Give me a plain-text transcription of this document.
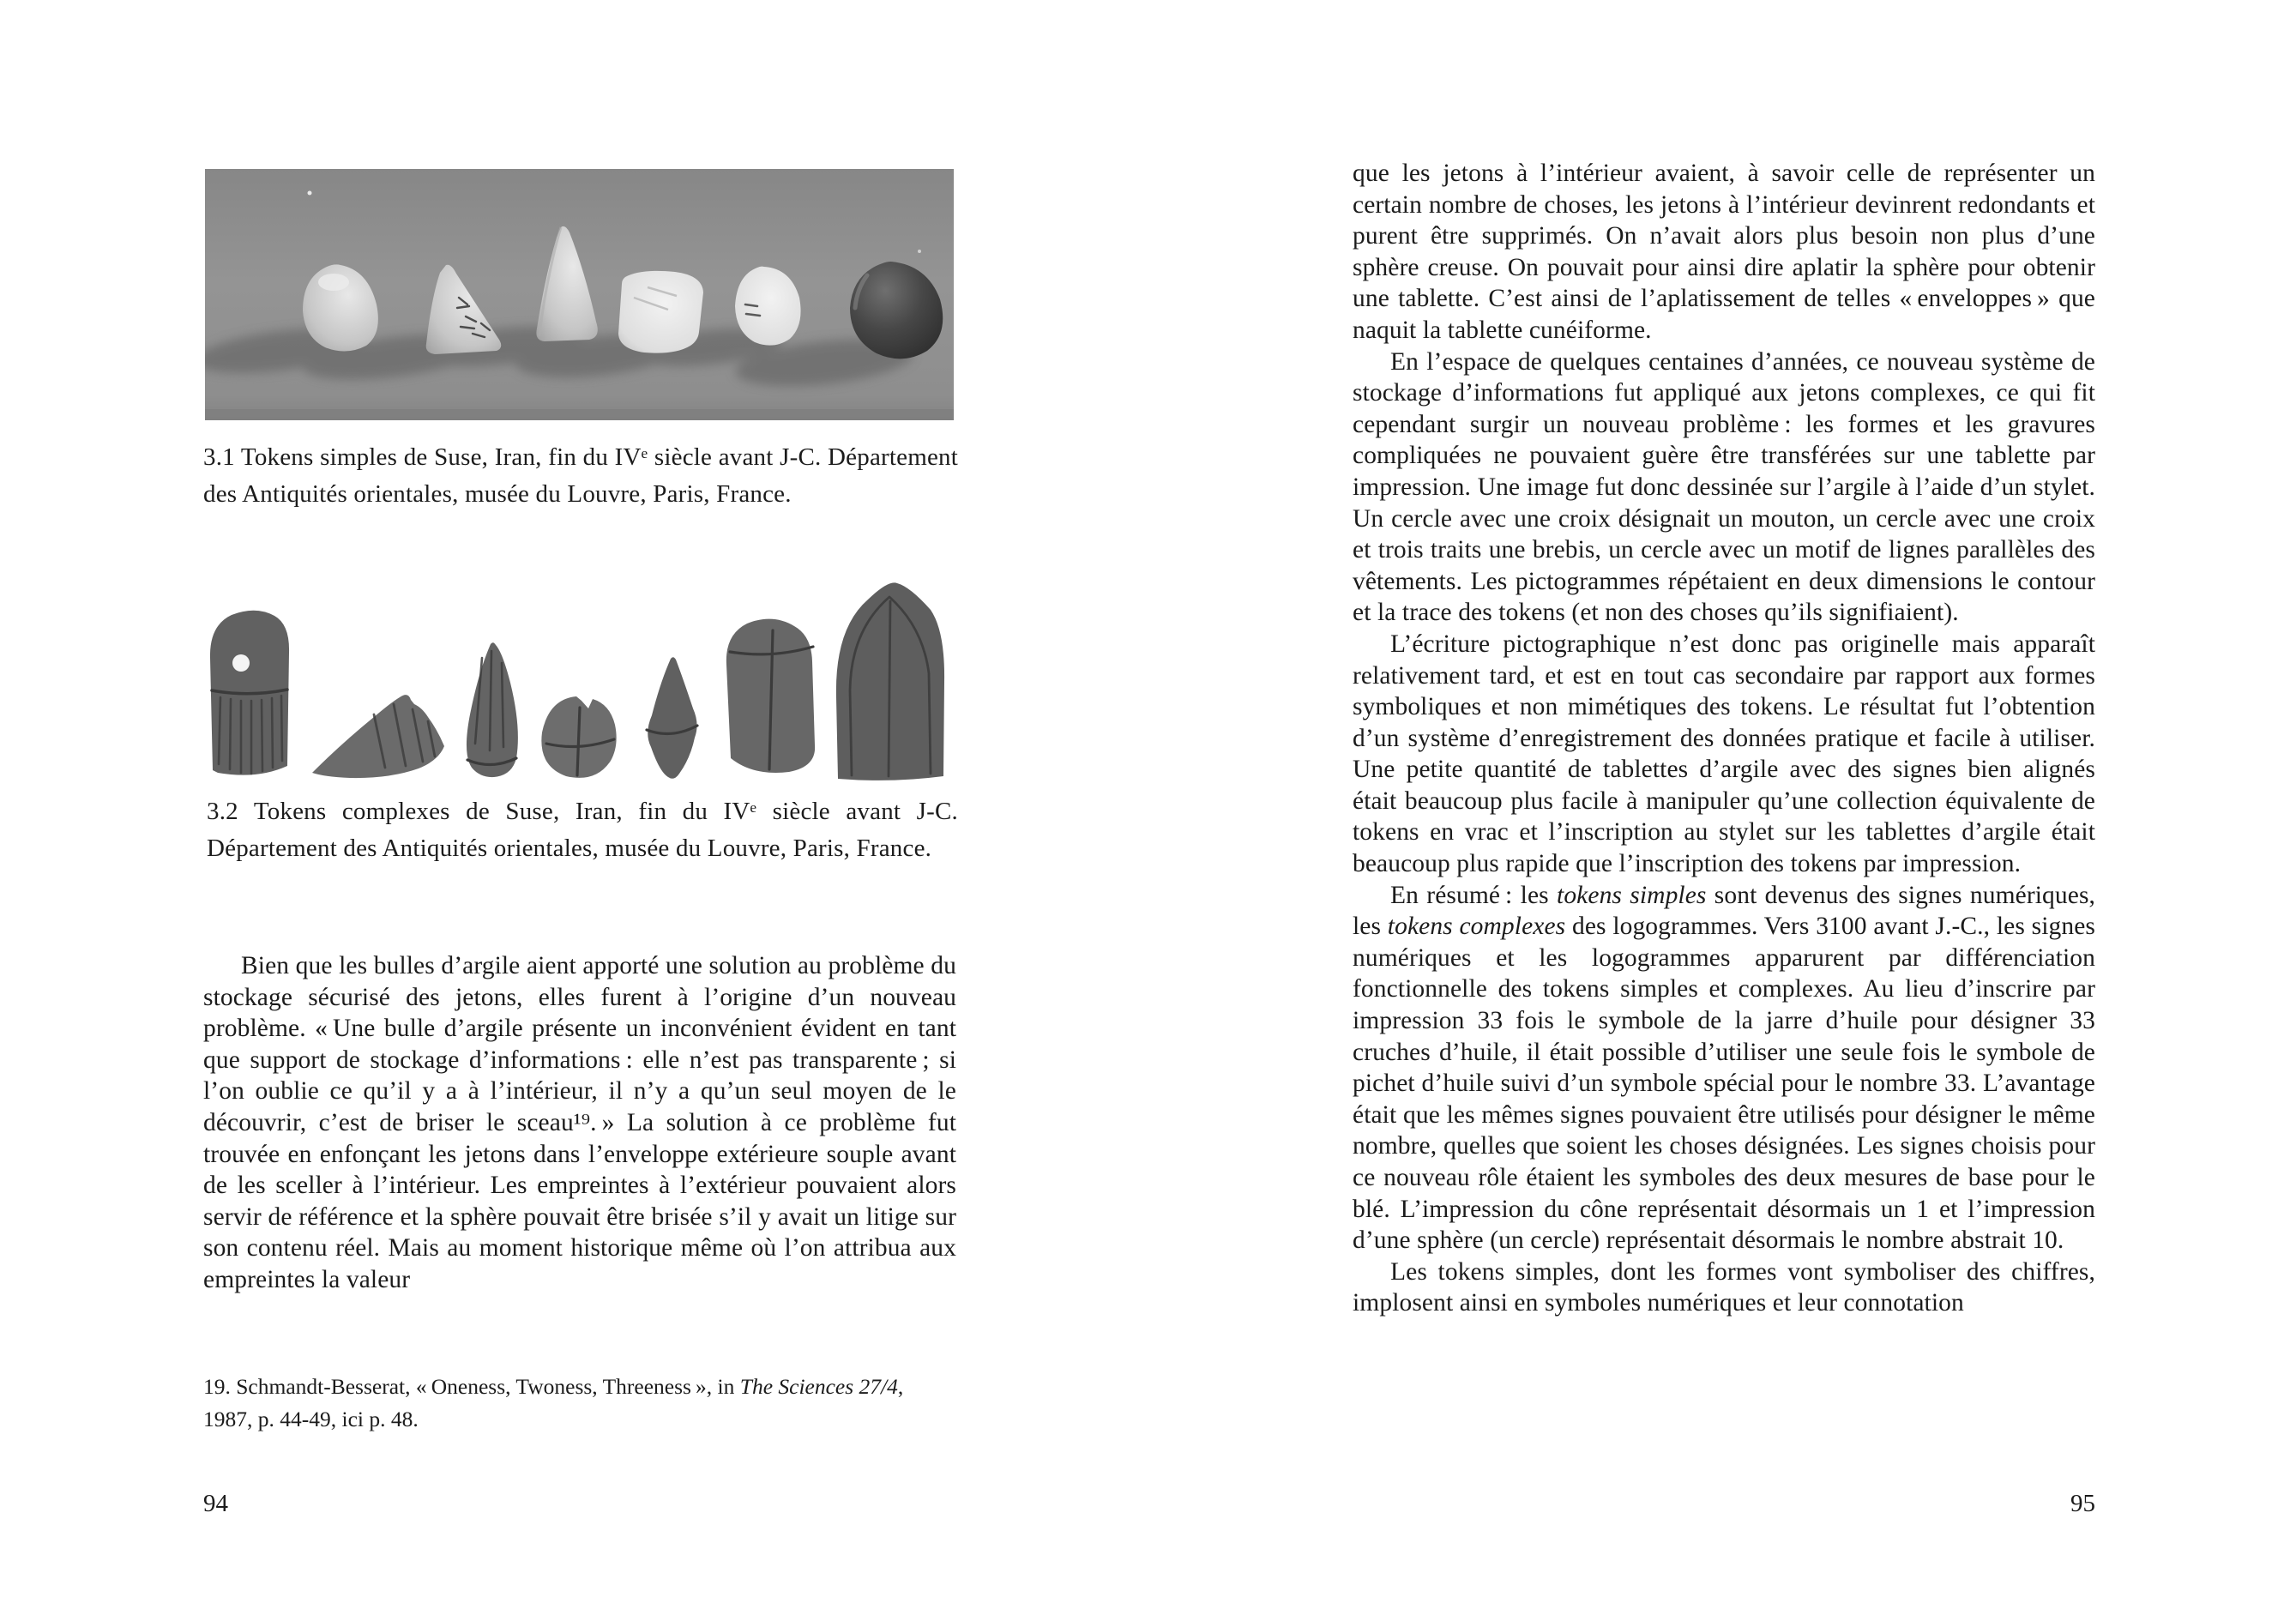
3.1 Tokens simples de Suse, Iran, fin du IVᵉ siècle avant J-C. Département des Antiquités orientales, musée du Louvre, Paris, France.
3.2 Tokens complexes de Suse, Iran, fin du IVᵉ siècle avant J-C. Département des Antiquités orientales, musée du Louvre, Paris, France.

Bien que les bulles d’argile aient apporté une solution au problème du stockage sécurisé des jetons, elles furent à l’origine d’un nouveau problème. « Une bulle d’argile présente un inconvénient évident en tant que support de stockage d’informations : elle n’est pas transparente ; si l’on oublie ce qu’il y a à l’intérieur, il n’y a qu’un seul moyen de le découvrir, c’est de briser le sceau¹⁹. » La solution à ce problème fut trouvée en enfonçant les jetons dans l’enveloppe extérieure souple avant de les sceller à l’intérieur. Les empreintes à l’extérieur pouvaient alors servir de référence et la sphère pouvait être brisée s’il y avait un litige sur son contenu réel. Mais au moment historique même où l’on attribua aux empreintes la valeur

19. Schmandt-Besserat, « Oneness, Twoness, Threeness », in The Sciences 27/4, 1987, p. 44-49, ici p. 48.
94

que les jetons à l’intérieur avaient, à savoir celle de représenter un certain nombre de choses, les jetons à l’intérieur devinrent redondants et purent être supprimés. On n’avait alors plus besoin non plus d’une sphère creuse. On pouvait pour ainsi dire aplatir la sphère pour obtenir une tablette. C’est ainsi de l’aplatissement de telles « enveloppes » que naquit la tablette cunéiforme.

En l’espace de quelques centaines d’années, ce nouveau système de stockage d’informations fut appliqué aux jetons complexes, ce qui fit cependant surgir un nouveau problème : les formes et les gravures compliquées ne pouvaient guère être transférées sur une tablette par impression. Une image fut donc dessinée sur l’argile à l’aide d’un stylet. Un cercle avec une croix désignait un mouton, un cercle avec une croix et trois traits une brebis, un cercle avec un motif de lignes parallèles des vêtements. Les pictogrammes répétaient en deux dimensions le contour et la trace des tokens (et non des choses qu’ils signifiaient).

L’écriture pictographique n’est donc pas originelle mais apparaît relativement tard, et est en tout cas secondaire par rapport aux formes symboliques et non mimétiques des tokens. Le résultat fut l’obtention d’un système d’enregistrement des données pratique et facile à utiliser. Une petite quantité de tablettes d’argile avec des signes bien alignés était beaucoup plus facile à manipuler qu’une collection équivalente de tokens en vrac et l’inscription au stylet sur les tablettes d’argile était beaucoup plus rapide que l’inscription des tokens par impression.

En résumé : les tokens simples sont devenus des signes numériques, les tokens complexes des logogrammes. Vers 3100 avant J.-C., les signes numériques et les logogrammes apparurent par différenciation fonctionnelle des tokens simples et complexes. Au lieu d’inscrire par impression 33 fois le symbole de la jarre d’huile pour désigner 33 cruches d’huile, il était possible d’utiliser une seule fois le symbole de pichet d’huile suivi d’un symbole spécial pour le nombre 33. L’avantage était que les mêmes signes pouvaient être utilisés pour désigner le même nombre, quelles que soient les choses désignées. Les signes choisis pour ce nouveau rôle étaient les symboles des deux mesures de base pour le blé. L’impression du cône représentait désormais un 1 et l’impression d’une sphère (un cercle) représentait désormais le nombre abstrait 10.

Les tokens simples, dont les formes vont symboliser des chiffres, implosent ainsi en symboles numériques et leur connotation

95
